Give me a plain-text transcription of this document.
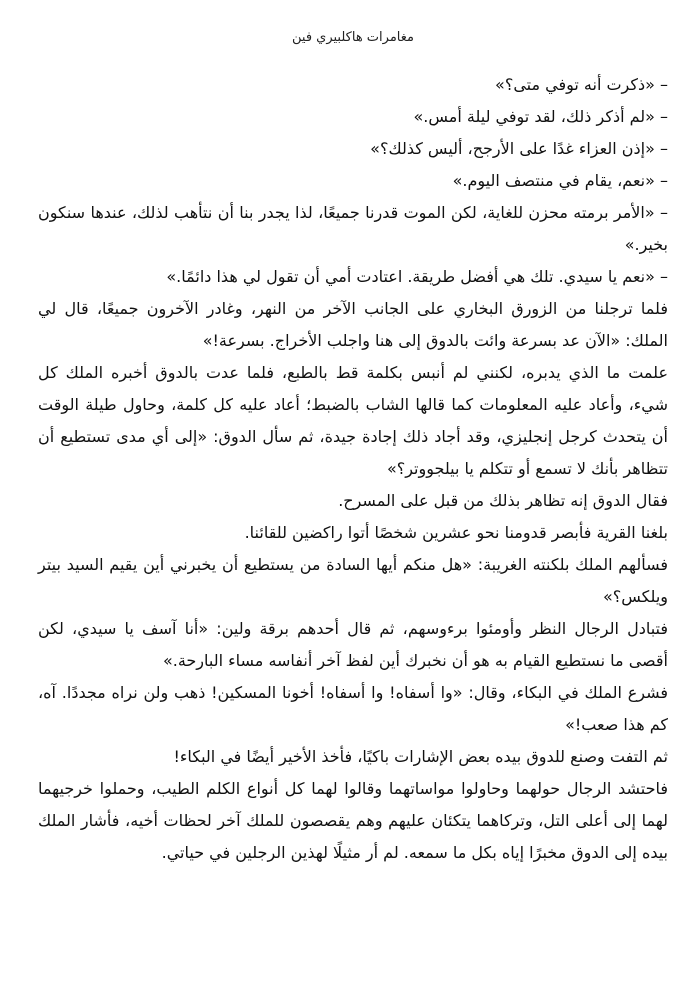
مغامرات هاكلبيري فين

– «ذكرت أنه توفي متى؟»

– «لم أذكر ذلك، لقد توفي ليلة أمس.»

– «إذن العزاء غدًا على الأرجح، أليس كذلك؟»

– «نعم، يقام في منتصف اليوم.»

– «الأمر برمته محزن للغاية، لكن الموت قدرنا جميعًا، لذا يجدر بنا أن نتأهب لذلك، عندها سنكون بخير.»

– «نعم يا سيدي. تلك هي أفضل طريقة. اعتادت أمي أن تقول لي هذا دائمًا.»

فلما ترجلنا من الزورق البخاري على الجانب الآخر من النهر، وغادر الآخرون جميعًا، قال لي الملك: «الآن عد بسرعة وائت بالدوق إلى هنا واجلب الأخراج. بسرعة!»

علمت ما الذي يدبره، لكنني لم أنبس بكلمة قط بالطبع، فلما عدت بالدوق أخبره الملك كل شيء، وأعاد عليه المعلومات كما قالها الشاب بالضبط؛ أعاد عليه كل كلمة، وحاول طيلة الوقت أن يتحدث كرجل إنجليزي، وقد أجاد ذلك إجادة جيدة، ثم سأل الدوق: «إلى أي مدى تستطيع أن تتظاهر بأنك لا تسمع أو تتكلم يا بيلجووتر؟»

فقال الدوق إنه تظاهر بذلك من قبل على المسرح.

بلغنا القرية فأبصر قدومنا نحو عشرين شخصًا أتوا راكضين للقائنا.

فسألهم الملك بلكنته الغريبة: «هل منكم أيها السادة من يستطيع أن يخبرني أين يقيم السيد بيتر ويلكس؟»

فتبادل الرجال النظر وأومئوا برءوسهم، ثم قال أحدهم برقة ولين: «أنا آسف يا سيدي، لكن أقصى ما نستطيع القيام به هو أن نخبرك أين لفظ آخر أنفاسه مساء البارحة.»

فشرع الملك في البكاء، وقال: «وا أسفاه! وا أسفاه! أخونا المسكين! ذهب ولن نراه مجددًا. آه، كم هذا صعب!»

ثم التفت وصنع للدوق بيده بعض الإشارات باكيًا، فأخذ الأخير أيضًا في البكاء!

فاحتشد الرجال حولهما وحاولوا مواساتهما وقالوا لهما كل أنواع الكلم الطيب، وحملوا خرجيهما لهما إلى أعلى التل، وتركاهما يتكئان عليهم وهم يقصصون للملك آخر لحظات أخيه، فأشار الملك بيده إلى الدوق مخبرًا إياه بكل ما سمعه. لم أر مثيلًا لهذين الرجلين في حياتي.
